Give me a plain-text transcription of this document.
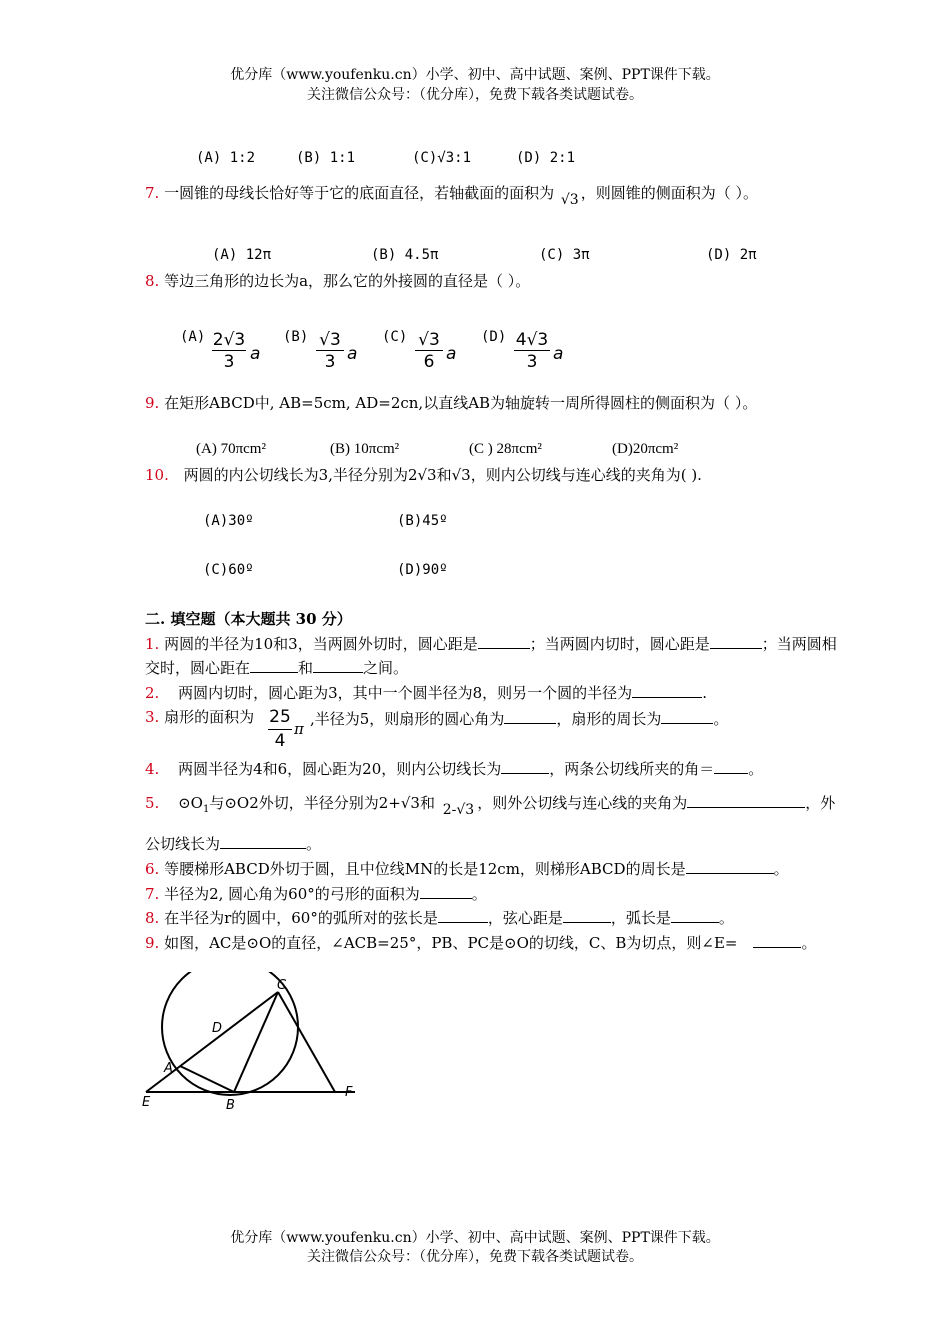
优分库（www.youfenku.cn）小学、初中、高中试题、案例、PPT课件下载。
关注微信公众号：（优分库），免费下载各类试题试卷。
(A) 1:2	(B) 1:1	(C)√3:1	(D) 2:1
7. 一圆锥的母线长恰好等于它的底面直径，若轴截面的面积为 √3 ，则圆锥的侧面积为（ ）。
(A) 12π	(B) 4.5π	(C) 3π	(D) 2π
8. 等边三角形的边长为a，那么它的外接圆的直径是（ ）。
$(A) \frac{2√3}{3}$ a
$(B) \frac{√3}{3}$ a
$(C) \frac{√3}{6}$ a
$(D) \frac{4√3}{3}$ a
9. 在矩形ABCD中, AB=5cm, AD=2cn,以直线AB为轴旋转一周所得圆柱的侧面积为（ ）。
(A) 70πcm²	(B) 10πcm²	(C ) 28πcm²	(D)20πcm²
10. 两圆的内公切线长为3,半径分别为2√3和√3，则内公切线与连心线的夹角为( ).
(A)30º	(B)45º
(C)60º	(D)90º
二. 填空题（本大题共 30 分）
1. 两圆的半径为10和3，当两圆外切时，圆心距是	；当两圆内切时，圆心距是	；当两圆相
交时，圆心距在	和	之间。
2. 两圆内切时，圆心距为3，其中一个圆半径为8，则另一个圆的半径为	.
3. 扇形的面积为 25
4
π
,半径为5，则扇形的圆心角为	，扇形的周长为	。
4. 两圆半径为4和6，圆心距为20，则内公切线长为	，两条公切线所夹的角＝ 。
5. $⊙O_1$与⊙O2外切，半径分别为2+√3和 2-√3 ，则外公切线与连心线的夹角为	，外
公切线长为	。
6. 等腰梯形ABCD外切于圆，且中位线MN的长是12cm，则梯形ABCD的周长是	。
7. 半径为2, 圆心角为60°的弓形的面积为	。
8. 在半径为r的圆中，60°的弧所对的弦长是	，弦心距是	，弧长是	。
9. 如图，AC是⊙O的直径，∠ACB=25°，PB、PC是⊙O的切线，C、B为切点，则∠E=	。
C
D
A
E	B
F
优分库（www.youfenku.cn）小学、初中、高中试题、案例、PPT课件下载。
关注微信公众号：（优分库），免费下载各类试题试卷。
